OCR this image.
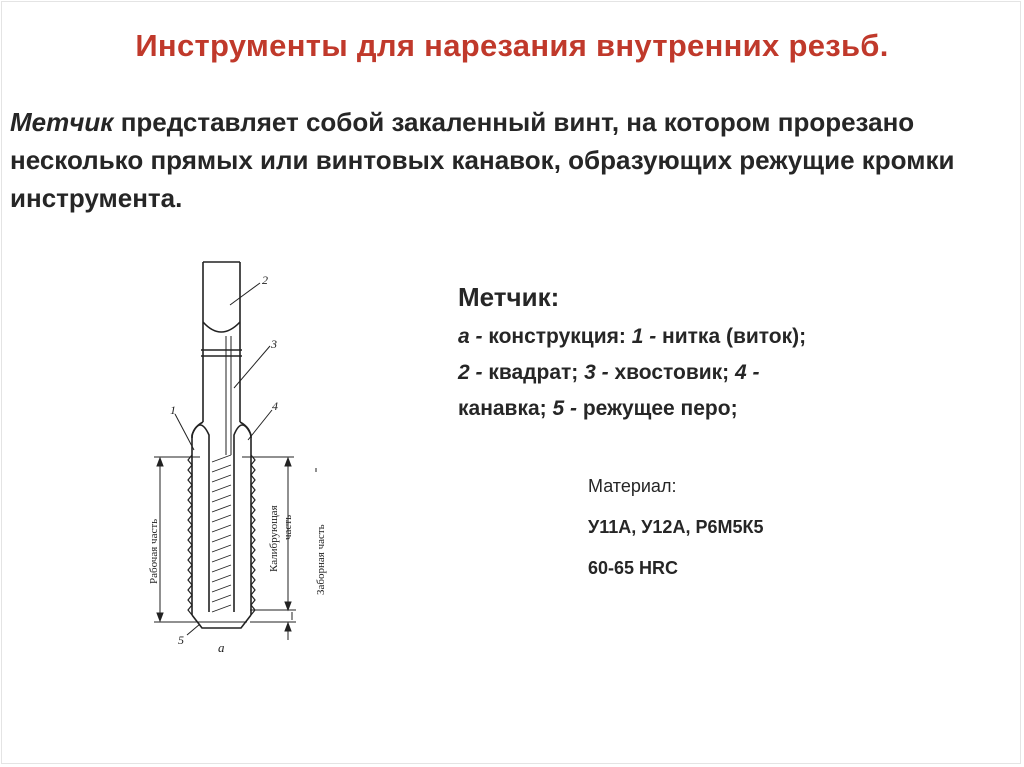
Инструменты для нарезания внутренних резьб.
Метчик представляет собой закаленный винт, на котором прорезано несколько прямых или винтовых канавок, образующих режущие кромки инструмента.
2
3
1	4
5	а
Рабочая часть	Калибрующая часть Заборная часть
Метчик:
а - конструкция: 1 - нитка (виток);
2 - квадрат; 3 - хвостовик; 4 -
канавка; 5 - режущее перо;
Материал:
У11А, У12А, Р6М5К5
60-65 HRC
